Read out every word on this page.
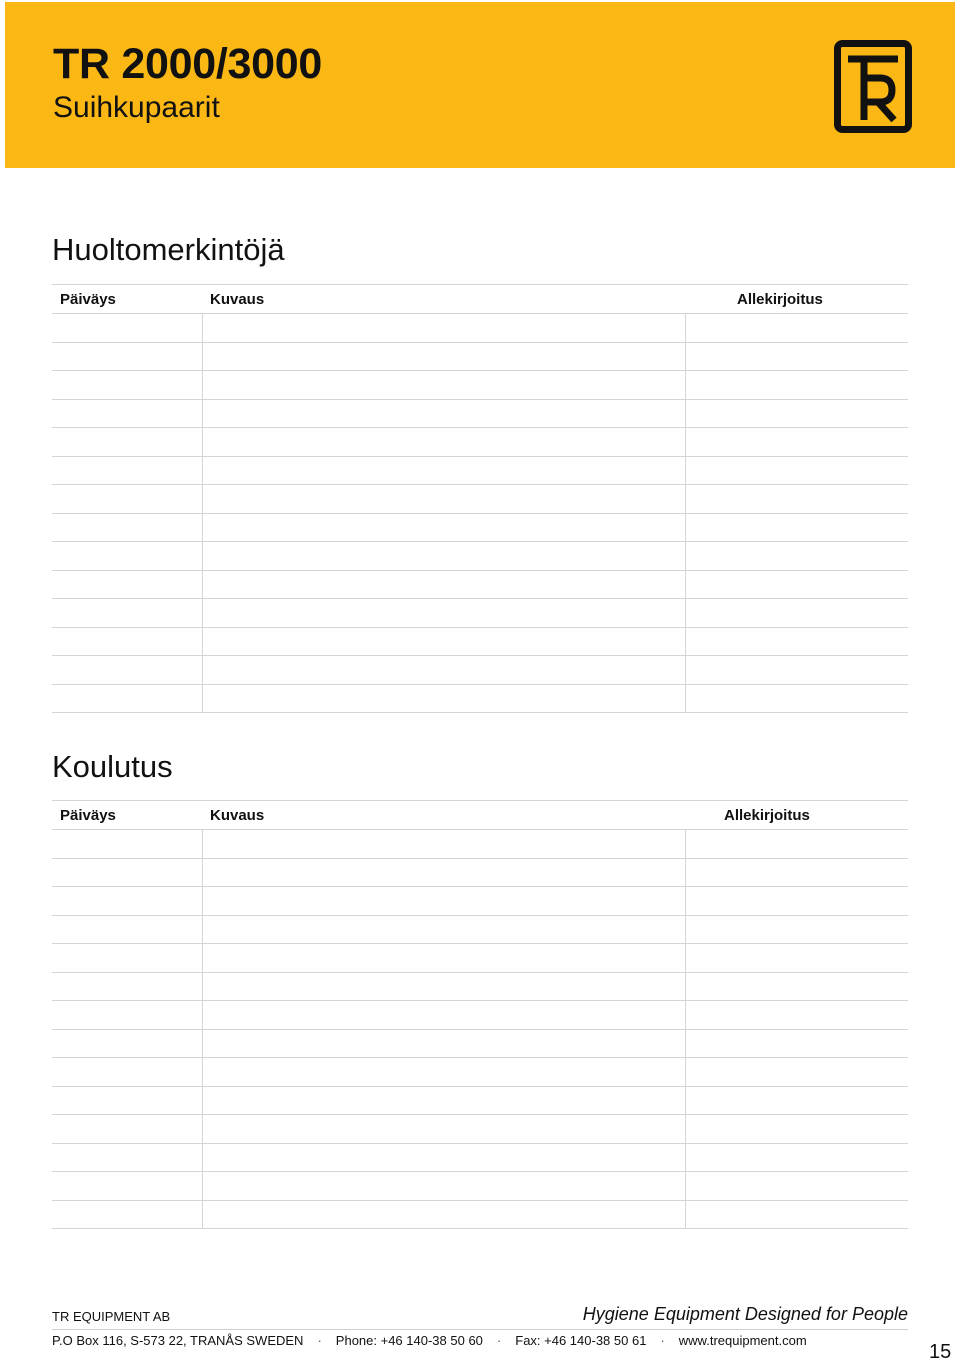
TR 2000/3000
Suihkupaarit
Huoltomerkintöjä
Päiväys	Kuvaus	Allekirjoitus

Koulutus
Päiväys	Kuvaus	Allekirjoitus

TR EQUIPMENT AB	Hygiene Equipment Designed for People
P.O Box 116, S-573 22, TRANÅS SWEDEN · Phone: +46 140-38 50 60 · Fax: +46 140-38 50 61 · www.trequipment.com
15
